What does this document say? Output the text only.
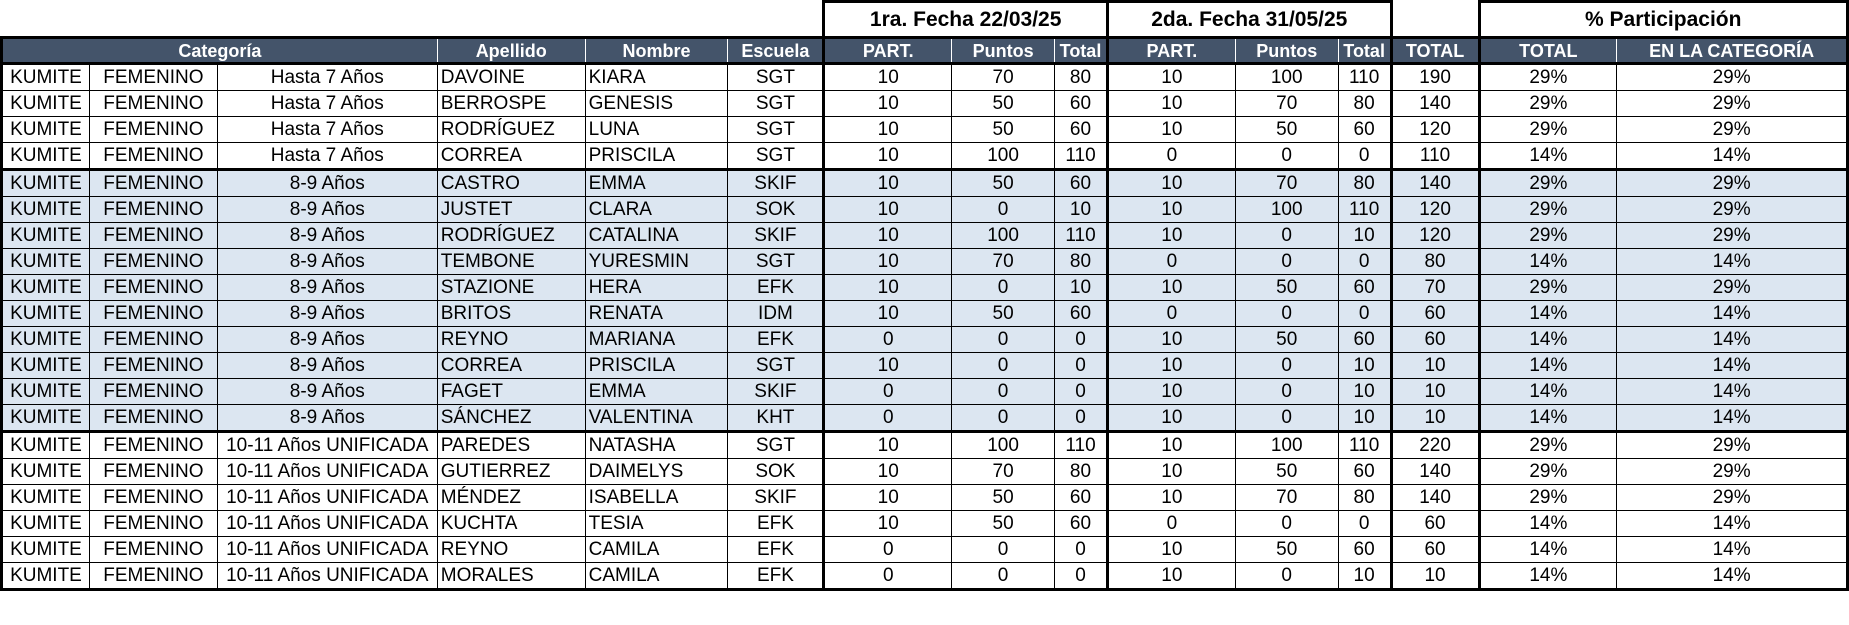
						1ra. Fecha 22/03/25			2da. Fecha 31/05/25				% Participación	
Categoría			Apellido	Nombre	Escuela	PART.	Puntos	Total	PART.	Puntos	Total	TOTAL	TOTAL	EN LA CATEGORÍA
KUMITE	FEMENINO	Hasta 7 Años	DAVOINE	KIARA	SGT	10	70	80	10	100	110	190	29%	29%
KUMITE	FEMENINO	Hasta 7 Años	BERROSPE	GENESIS	SGT	10	50	60	10	70	80	140	29%	29%
KUMITE	FEMENINO	Hasta 7 Años	RODRÍGUEZ	LUNA	SGT	10	50	60	10	50	60	120	29%	29%
KUMITE	FEMENINO	Hasta 7 Años	CORREA	PRISCILA	SGT	10	100	110	0	0	0	110	14%	14%
KUMITE	FEMENINO	8-9 Años	CASTRO	EMMA	SKIF	10	50	60	10	70	80	140	29%	29%
KUMITE	FEMENINO	8-9 Años	JUSTET	CLARA	SOK	10	0	10	10	100	110	120	29%	29%
KUMITE	FEMENINO	8-9 Años	RODRÍGUEZ	CATALINA	SKIF	10	100	110	10	0	10	120	29%	29%
KUMITE	FEMENINO	8-9 Años	TEMBONE	YURESMIN	SGT	10	70	80	0	0	0	80	14%	14%
KUMITE	FEMENINO	8-9 Años	STAZIONE	HERA	EFK	10	0	10	10	50	60	70	29%	29%
KUMITE	FEMENINO	8-9 Años	BRITOS	RENATA	IDM	10	50	60	0	0	0	60	14%	14%
KUMITE	FEMENINO	8-9 Años	REYNO	MARIANA	EFK	0	0	0	10	50	60	60	14%	14%
KUMITE	FEMENINO	8-9 Años	CORREA	PRISCILA	SGT	10	0	0	10	0	10	10	14%	14%
KUMITE	FEMENINO	8-9 Años	FAGET	EMMA	SKIF	0	0	0	10	0	10	10	14%	14%
KUMITE	FEMENINO	8-9 Años	SÁNCHEZ	VALENTINA	KHT	0	0	0	10	0	10	10	14%	14%
KUMITE	FEMENINO	10-11 Años UNIFICADA	PAREDES	NATASHA	SGT	10	100	110	10	100	110	220	29%	29%
KUMITE	FEMENINO	10-11 Años UNIFICADA	GUTIERREZ	DAIMELYS	SOK	10	70	80	10	50	60	140	29%	29%
KUMITE	FEMENINO	10-11 Años UNIFICADA	MÉNDEZ	ISABELLA	SKIF	10	50	60	10	70	80	140	29%	29%
KUMITE	FEMENINO	10-11 Años UNIFICADA	KUCHTA	TESIA	EFK	10	50	60	0	0	0	60	14%	14%
KUMITE	FEMENINO	10-11 Años UNIFICADA	REYNO	CAMILA	EFK	0	0	0	10	50	60	60	14%	14%
KUMITE	FEMENINO	10-11 Años UNIFICADA	MORALES	CAMILA	EFK	0	0	0	10	0	10	10	14%	14%
